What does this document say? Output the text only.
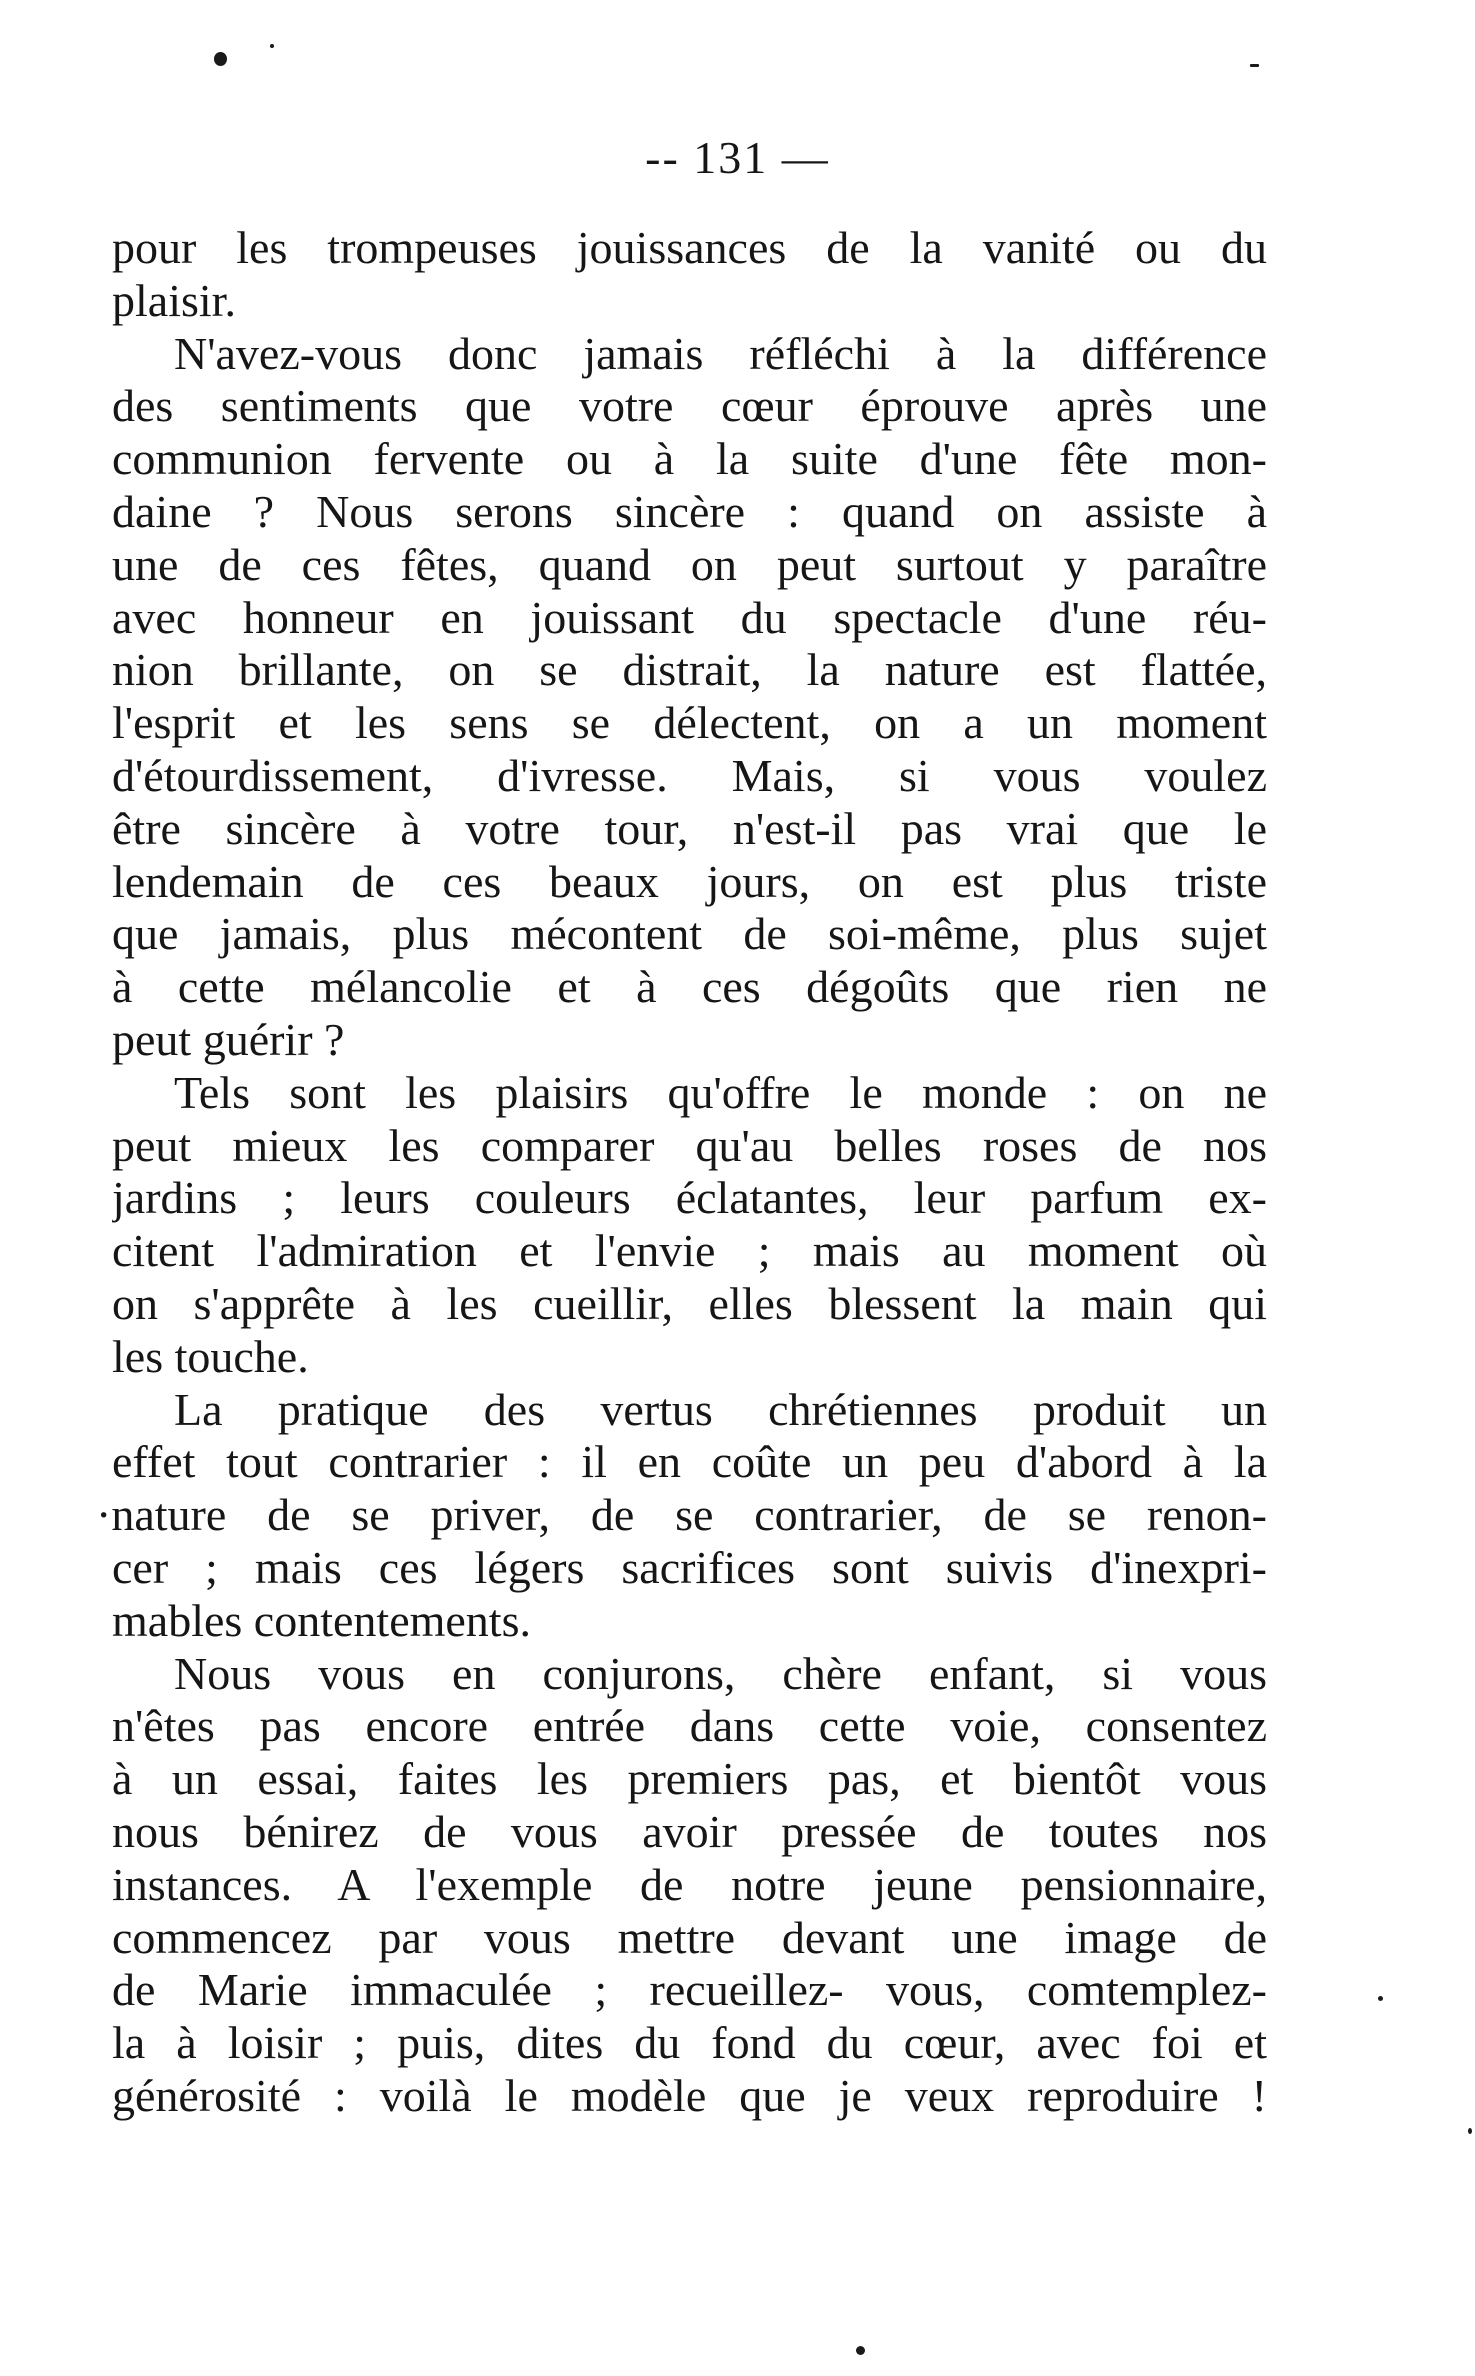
-- 131 —
pour les trompeuses jouissances de la vanité ou du
plaisir.
N'avez-vous donc jamais réfléchi à la différence
des sentiments que votre cœur éprouve après une
communion fervente ou à la suite d'une fête mon-
daine ? Nous serons sincère : quand on assiste à
une de ces fêtes, quand on peut surtout y paraître
avec honneur en jouissant du spectacle d'une réu-
nion brillante, on se distrait, la nature est flattée,
l'esprit et les sens se délectent, on a un moment
d'étourdissement, d'ivresse. Mais, si vous voulez
être sincère à votre tour, n'est-il pas vrai que le
lendemain de ces beaux jours, on est plus triste
que jamais, plus mécontent de soi-même, plus sujet
à cette mélancolie et à ces dégoûts que rien ne
peut guérir ?
Tels sont les plaisirs qu'offre le monde : on ne
peut mieux les comparer qu'au belles roses de nos
jardins ; leurs couleurs éclatantes, leur parfum ex-
citent l'admiration et l'envie ; mais au moment où
on s'apprête à les cueillir, elles blessent la main qui
les touche.
La pratique des vertus chrétiennes produit un
effet tout contrarier : il en coûte un peu d'abord à la
·nature de se priver, de se contrarier, de se renon-
cer ; mais ces légers sacrifices sont suivis d'inexpri-
mables contentements.
Nous vous en conjurons, chère enfant, si vous
n'êtes pas encore entrée dans cette voie, consentez
à un essai, faites les premiers pas, et bientôt vous
nous bénirez de vous avoir pressée de toutes nos
instances. A l'exemple de notre jeune pensionnaire,
commencez par vous mettre devant une image de
de Marie immaculée ; recueillez- vous, comtemplez-
la à loisir ; puis, dites du fond du cœur, avec foi et
générosité : voilà le modèle que je veux reproduire !
